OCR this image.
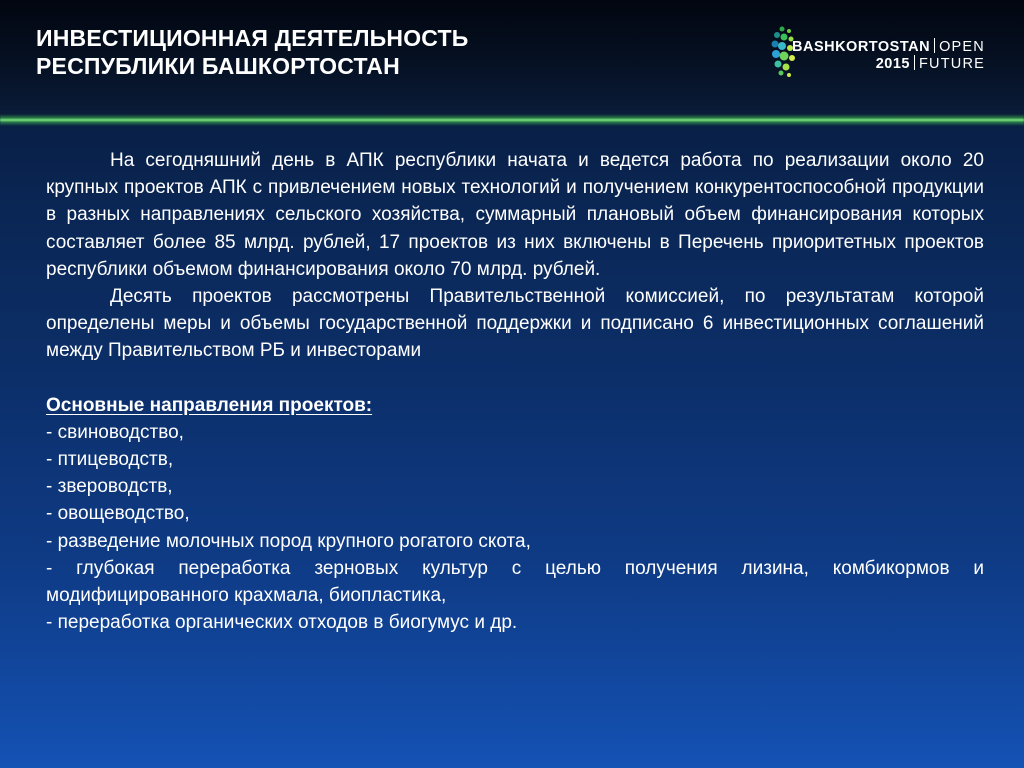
ИНВЕСТИЦИОННАЯ ДЕЯТЕЛЬНОСТЬ
РЕСПУБЛИКИ БАШКОРТОСТАН
BASHKORTOSTAN OPEN
2015 FUTURE

На сегодняшний день в АПК республики начата и ведется работа по реализации около 20 крупных проектов АПК с привлечением новых технологий и получением конкурентоспособной продукции в разных направлениях сельского хозяйства, суммарный плановый объем финансирования которых составляет более 85 млрд. рублей, 17 проектов из них включены в Перечень приоритетных проектов республики объемом финансирования около 70 млрд. рублей.

Десять проектов рассмотрены Правительственной комиссией, по результатам которой определены меры и объемы государственной поддержки и подписано 6 инвестиционных соглашений между Правительством РБ и инвесторами

Основные направления проектов:
- свиноводство,
- птицеводств,
- звероводств,
- овощеводство,
- разведение молочных пород крупного рогатого скота,
- глубокая переработка зерновых культур с целью получения лизина, комбикормов и модифицированного крахмала, биопластика,
- переработка органических отходов в биогумус и др.
